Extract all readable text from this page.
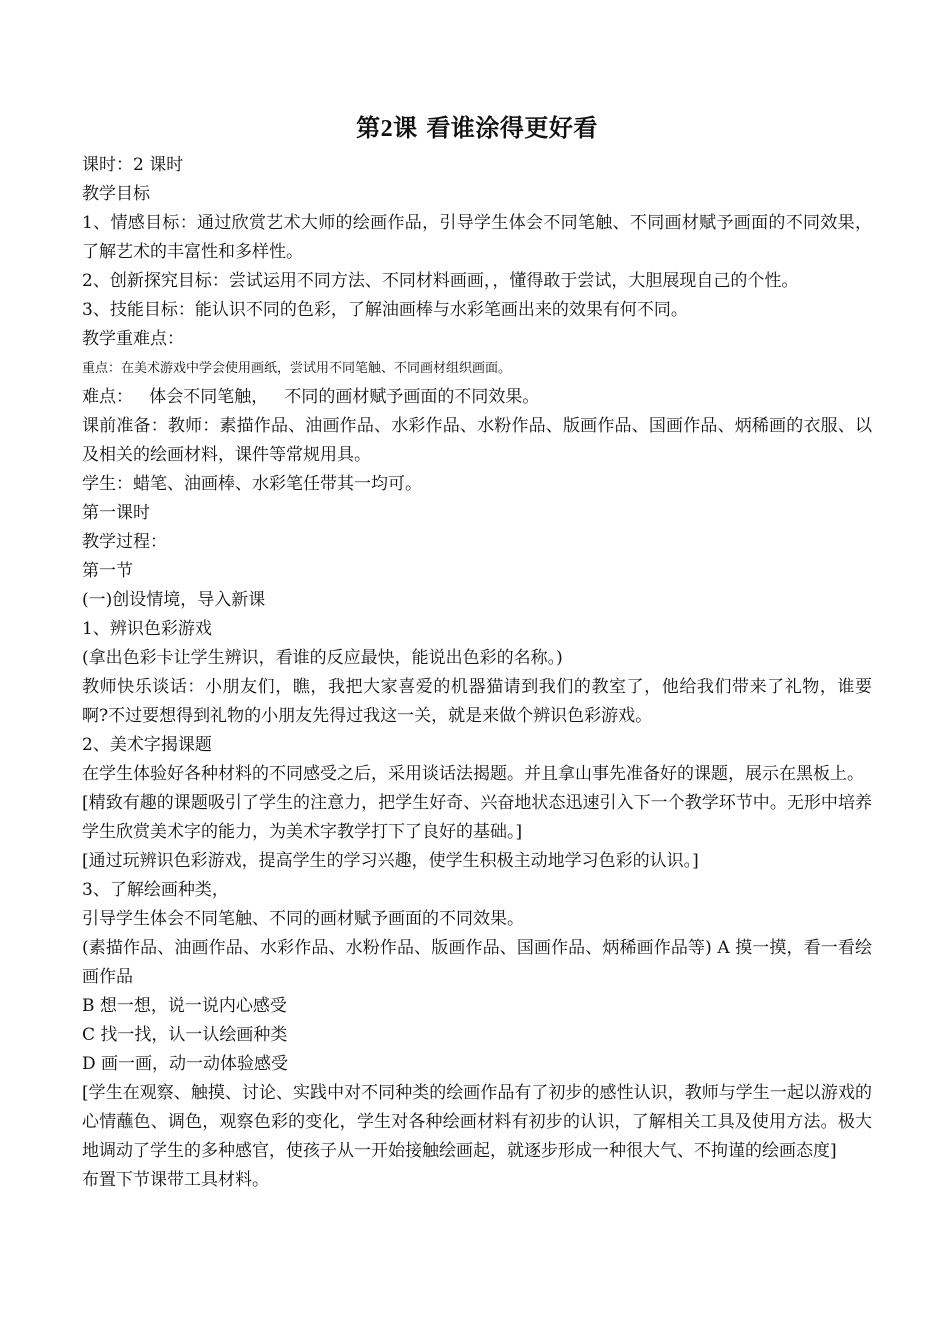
第2课 看谁涂得更好看

课时：2 课时

教学目标

1、情感目标：通过欣赏艺术大师的绘画作品，引导学生体会不同笔触、不同画材赋予画面的不同效果，了解艺术的丰富性和多样性。

2、创新探究目标：尝试运用不同方法、不同材料画画，，懂得敢于尝试，大胆展现自己的个性。

3、技能目标：能认识不同的色彩，了解油画棒与水彩笔画出来的效果有何不同。

教学重难点：

重点：在美术游戏中学会使用画纸，尝试用不同笔触、不同画材组织画面。

难点：   体会不同笔触，   不同的画材赋予画面的不同效果。

课前准备：教师：素描作品、油画作品、水彩作品、水粉作品、版画作品、国画作品、炳稀画的衣服、以及相关的绘画材料，课件等常规用具。

学生：蜡笔、油画棒、水彩笔任带其一均可。

第一课时

教学过程：

第一节

(一)创设情境，导入新课

1、辨识色彩游戏

(拿出色彩卡让学生辨识，看谁的反应最快，能说出色彩的名称。)

教师快乐谈话：小朋友们，瞧，我把大家喜爱的机器猫请到我们的教室了，他给我们带来了礼物，谁要啊?不过要想得到礼物的小朋友先得过我这一关，就是来做个辨识色彩游戏。

2、美术字揭课题

在学生体验好各种材料的不同感受之后，采用谈话法揭题。并且拿山事先准备好的课题，展示在黑板上。

[精致有趣的课题吸引了学生的注意力，把学生好奇、兴奋地状态迅速引入下一个教学环节中。无形中培养学生欣赏美术字的能力，为美术字教学打下了良好的基础。]

[通过玩辨识色彩游戏，提高学生的学习兴趣，使学生积极主动地学习色彩的认识。]

3、了解绘画种类，

引导学生体会不同笔触、不同的画材赋予画面的不同效果。

(素描作品、油画作品、水彩作品、水粉作品、版画作品、国画作品、炳稀画作品等) A 摸一摸，看一看绘画作品

B 想一想，说一说内心感受

C 找一找，认一认绘画种类

D 画一画，动一动体验感受

[学生在观察、触摸、讨论、实践中对不同种类的绘画作品有了初步的感性认识，教师与学生一起以游戏的心情蘸色、调色，观察色彩的变化，学生对各种绘画材料有初步的认识，了解相关工具及使用方法。极大地调动了学生的多种感官，使孩子从一开始接触绘画起，就逐步形成一种很大气、不拘谨的绘画态度]

布置下节课带工具材料。
